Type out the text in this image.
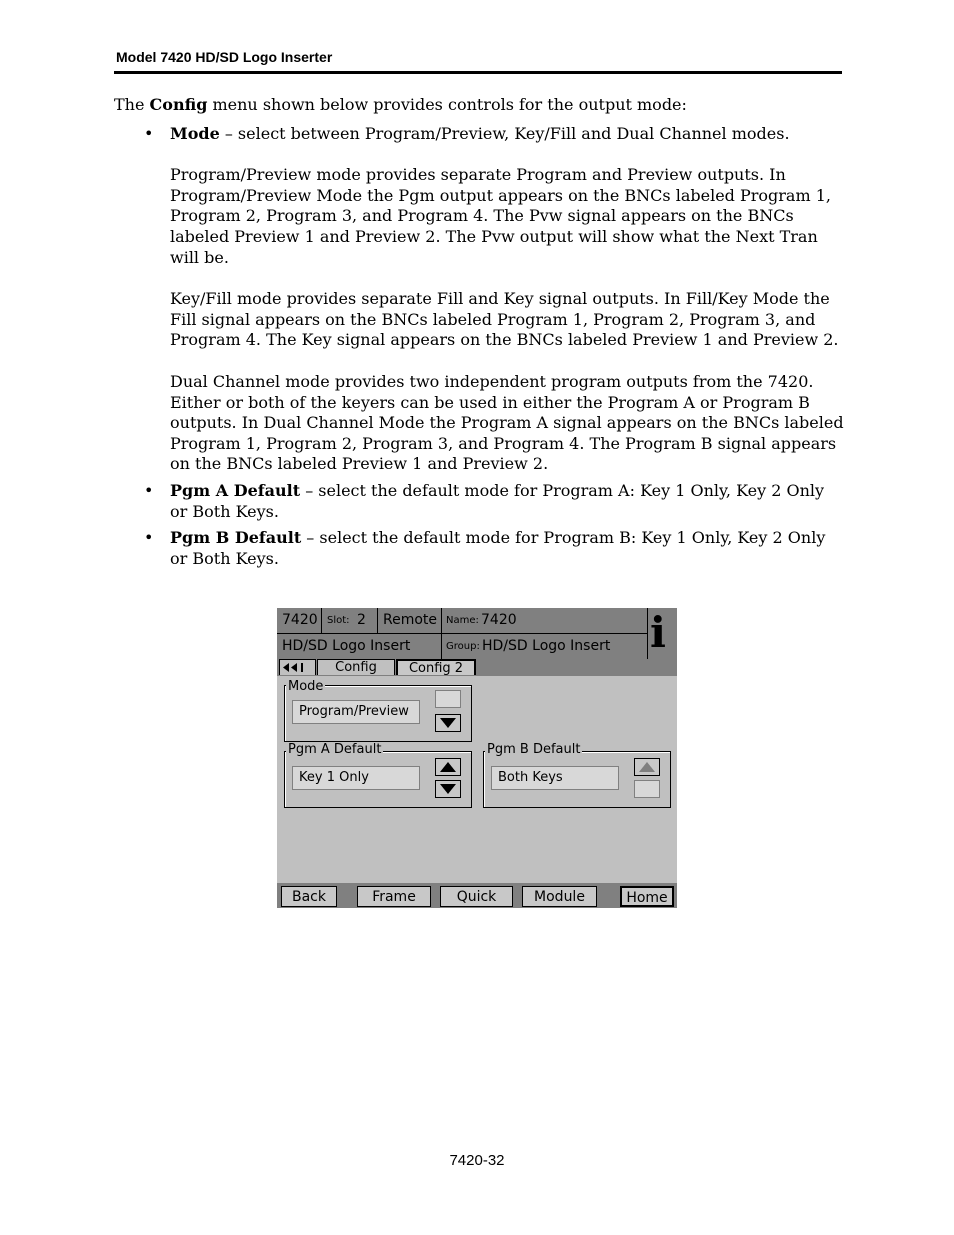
Model 7420 HD/SD Logo Inserter

The Config menu shown below provides controls for the output mode:

• Mode – select between Program/Preview, Key/Fill and Dual Channel modes.
Program/Preview mode provides separate Program and Preview outputs. In Program/Preview Mode the Pgm output appears on the BNCs labeled Program 1, Program 2, Program 3, and Program 4. The Pvw signal appears on the BNCs labeled Preview 1 and Preview 2. The Pvw output will show what the Next Tran will be.
Key/Fill mode provides separate Fill and Key signal outputs. In Fill/Key Mode the Fill signal appears on the BNCs labeled Program 1, Program 2, Program 3, and Program 4. The Key signal appears on the BNCs labeled Preview 1 and Preview 2.
Dual Channel mode provides two independent program outputs from the 7420. Either or both of the keyers can be used in either the Program A or Program B outputs. In Dual Channel Mode the Program A signal appears on the BNCs labeled Program 1, Program 2, Program 3, and Program 4. The Program B signal appears on the BNCs labeled Preview 1 and Preview 2.
• Pgm A Default – select the default mode for Program A: Key 1 Only, Key 2 Only or Both Keys.
• Pgm B Default – select the default mode for Program B: Key 1 Only, Key 2 Only or Both Keys.
7420 Slot: 2 Remote Name: 7420
HD/SD Logo Insert	Group: HD/SD Logo Insert i
Config	Config 2
Mode
Program/Preview
Pgm A Default
Key 1 Only
Pgm B Default
Both Keys
Back	Frame	Quick	Module	Home
7420-32
